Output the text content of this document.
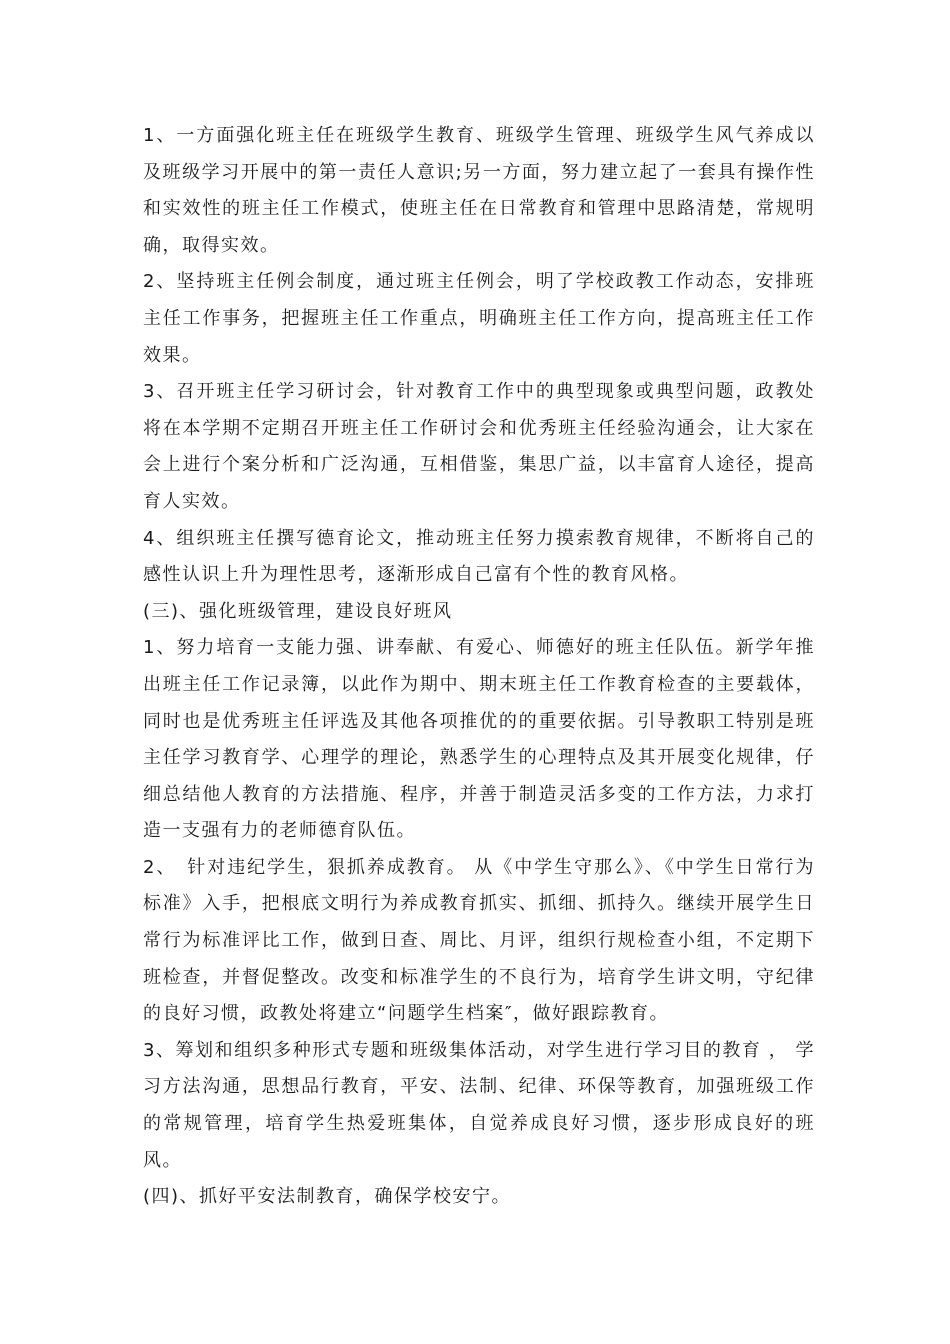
1、一方面强化班主任在班级学生教育、班级学生管理、班级学生风气养成以及班级学习开展中的第一责任人意识;另一方面，努力建立起了一套具有操作性和实效性的班主任工作模式，使班主任在日常教育和管理中思路清楚，常规明确，取得实效。

2、坚持班主任例会制度，通过班主任例会，明了学校政教工作动态，安排班主任工作事务，把握班主任工作重点，明确班主任工作方向，提高班主任工作效果。

3、召开班主任学习研讨会，针对教育工作中的典型现象或典型问题，政教处将在本学期不定期召开班主任工作研讨会和优秀班主任经验沟通会，让大家在会上进行个案分析和广泛沟通，互相借鉴，集思广益，以丰富育人途径，提高育人实效。

4、组织班主任撰写德育论文，推动班主任努力摸索教育规律，不断将自己的感性认识上升为理性思考，逐渐形成自己富有个性的教育风格。

(三)、强化班级管理，建设良好班风

1、努力培育一支能力强、讲奉献、有爱心、师德好的班主任队伍。新学年推出班主任工作记录簿，以此作为期中、期末班主任工作教育检查的主要载体，同时也是优秀班主任评选及其他各项推优的的重要依据。引导教职工特别是班主任学习教育学、心理学的理论，熟悉学生的心理特点及其开展变化规律，仔细总结他人教育的方法措施、程序，并善于制造灵活多变的工作方法，力求打造一支强有力的老师德育队伍。

2、　针对违纪学生，狠抓养成教育。 从《中学生守那么》、《中学生日常行为标准》入手，把根底文明行为养成教育抓实、抓细、抓持久。继续开展学生日常行为标准评比工作，做到日查、周比、月评，组织行规检查小组，不定期下班检查，并督促整改。改变和标准学生的不良行为，培育学生讲文明，守纪律的良好习惯，政教处将建立“问题学生档案″，做好跟踪教育。

3、筹划和组织多种形式专题和班级集体活动，对学生进行学习目的教育 ， 学习方法沟通，思想品行教育，平安、法制、纪律、环保等教育，加强班级工作的常规管理，培育学生热爱班集体，自觉养成良好习惯，逐步形成良好的班风。

(四)、抓好平安法制教育，确保学校安宁。
